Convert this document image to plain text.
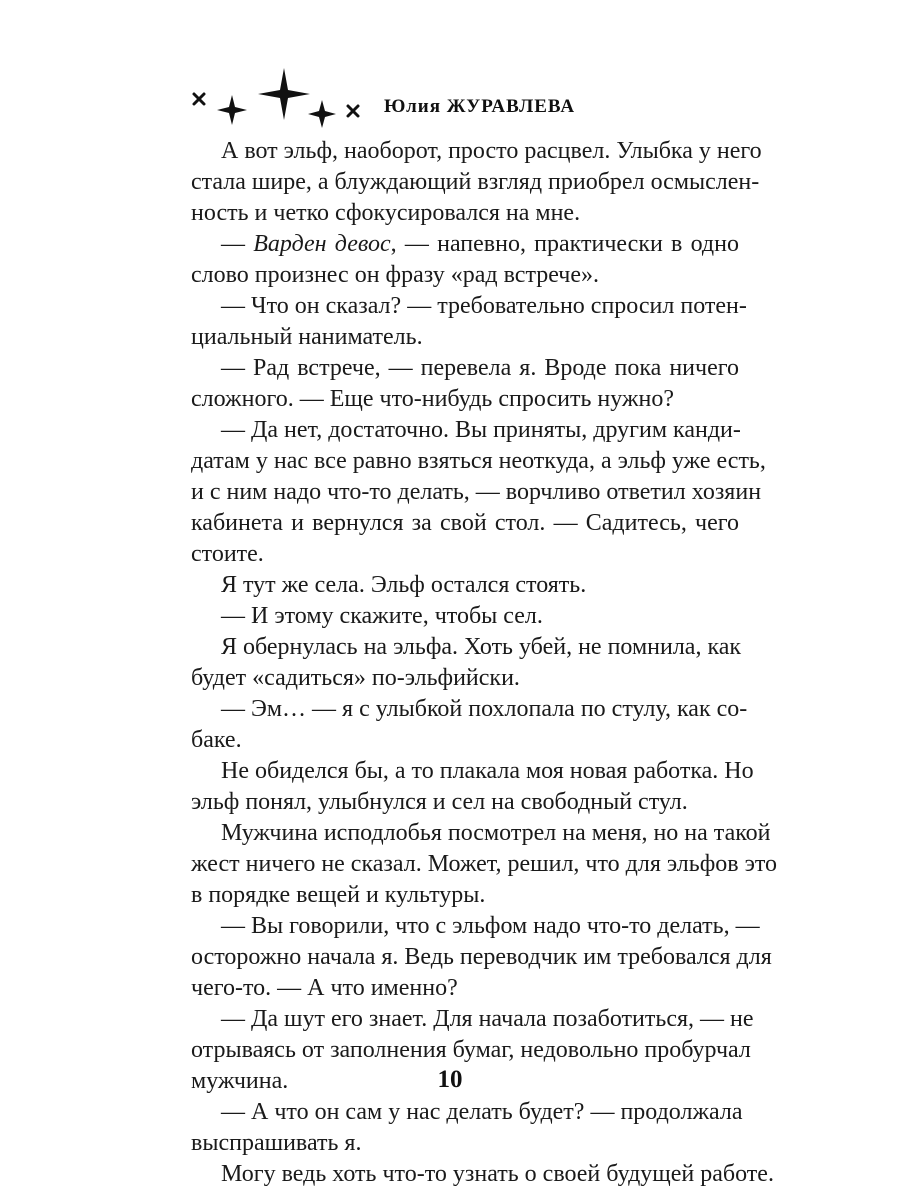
Юлия ЖУРАВЛЕВА
А вот эльф, наоборот, просто расцвел. Улыбка у него
стала шире, а блуждающий взгляд приобрел осмыслен-
ность и четко сфокусировался на мне.
— Варден девос, — напевно, практически в одно
слово произнес он фразу «рад встрече».
— Что он сказал? — требовательно спросил потен-
циальный наниматель.
— Рад встрече, — перевела я. Вроде пока ничего
сложного. — Еще что-нибудь спросить нужно?
— Да нет, достаточно. Вы приняты, другим канди-
датам у нас все равно взяться неоткуда, а эльф уже есть,
и с ним надо что-то делать, — ворчливо ответил хозяин
кабинета и вернулся за свой стол. — Садитесь, чего
стоите.
Я тут же села. Эльф остался стоять.
— И этому скажите, чтобы сел.
Я обернулась на эльфа. Хоть убей, не помнила, как
будет «садиться» по-эльфийски.
— Эм… — я с улыбкой похлопала по стулу, как со-
баке.
Не обиделся бы, а то плакала моя новая работка. Но
эльф понял, улыбнулся и сел на свободный стул.
Мужчина исподлобья посмотрел на меня, но на такой
жест ничего не сказал. Может, решил, что для эльфов это
в порядке вещей и культуры.
— Вы говорили, что с эльфом надо что-то делать, —
осторожно начала я. Ведь переводчик им требовался для
чего-то. — А что именно?
— Да шут его знает. Для начала позаботиться, — не
отрываясь от заполнения бумаг, недовольно пробурчал
мужчина.
— А что он сам у нас делать будет? — продолжала
выспрашивать я.
Могу ведь хоть что-то узнать о своей будущей работе.
10
